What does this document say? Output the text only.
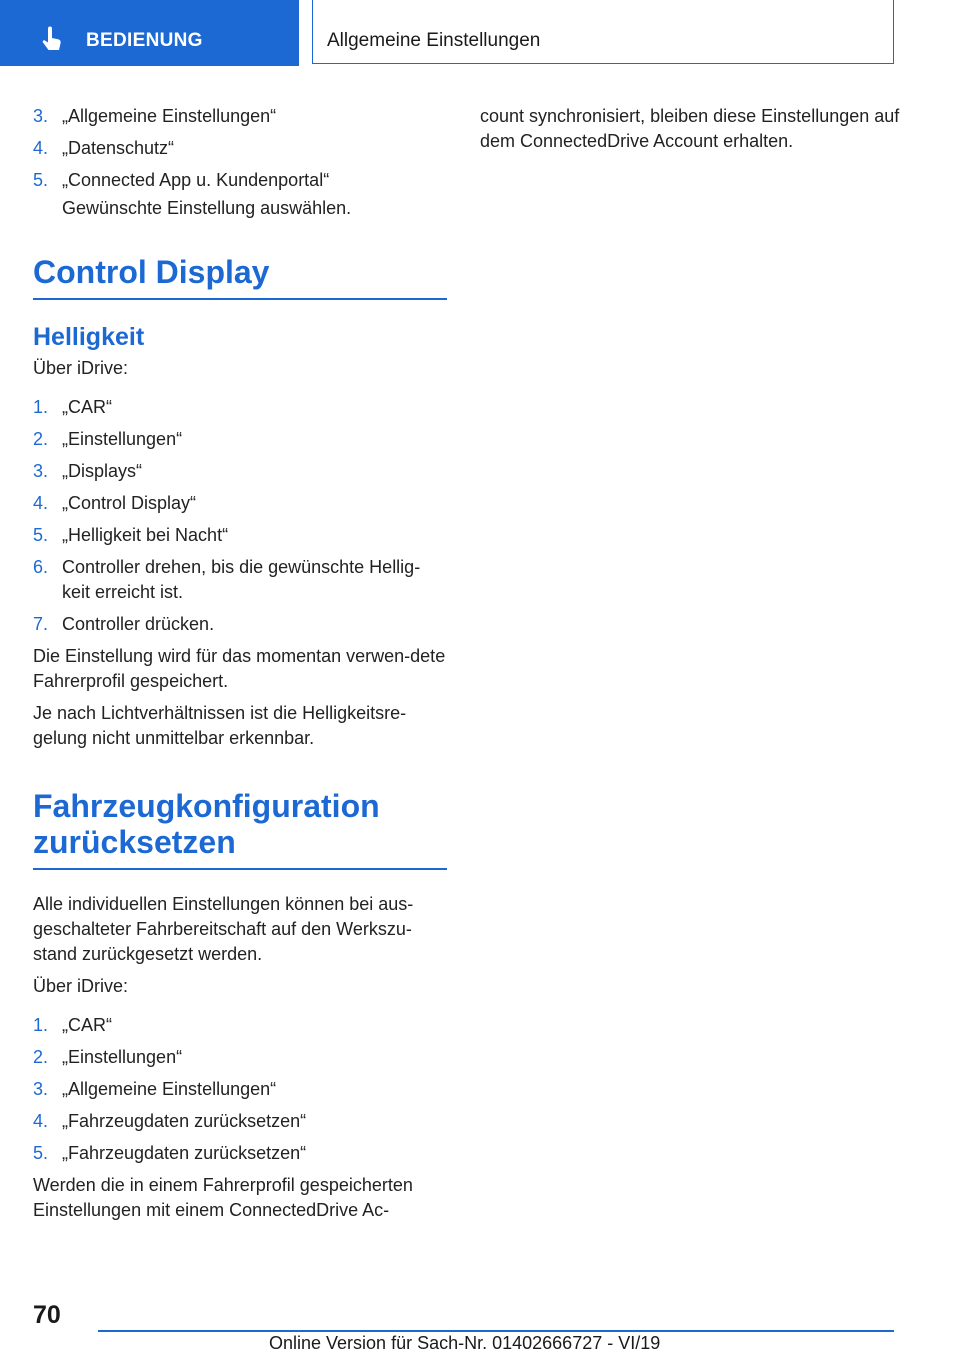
BEDIENUNG	Allgemeine Einstellungen
3. „Allgemeine Einstellungen“
4. „Datenschutz“
5. „Connected App u. Kundenportal“
Gewünschte Einstellung auswählen.
Control Display
Helligkeit

Über iDrive:

1. „CAR“
2. „Einstellungen“
3. „Displays“
4. „Control Display“
5. „Helligkeit bei Nacht“
6. Controller drehen, bis die gewünschte Hellig-keit erreicht ist.
7. Controller drücken.

Die Einstellung wird für das momentan verwen-dete Fahrerprofil gespeichert.

Je nach Lichtverhältnissen ist die Helligkeitsre-gelung nicht unmittelbar erkennbar.

Fahrzeugkonfiguration zurücksetzen

Alle individuellen Einstellungen können bei aus-geschalteter Fahrbereitschaft auf den Werkszu-stand zurückgesetzt werden.

Über iDrive:

1. „CAR“
2. „Einstellungen“
3. „Allgemeine Einstellungen“
4. „Fahrzeugdaten zurücksetzen“
5. „Fahrzeugdaten zurücksetzen“

Werden die in einem Fahrerprofil gespeicherten Einstellungen mit einem ConnectedDrive Ac-

count synchronisiert, bleiben diese Einstellungen auf dem ConnectedDrive Account erhalten.

70
Online Version für Sach-Nr. 01402666727 - VI/19
